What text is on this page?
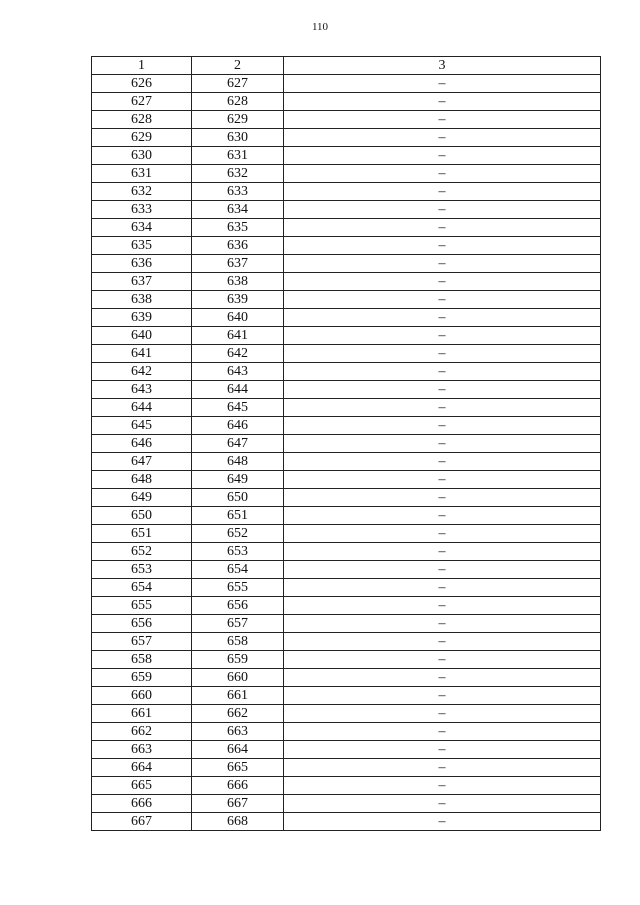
110
1	2	3
626	627	–
627	628	–
628	629	–
629	630	–
630	631	–
631	632	–
632	633	–
633	634	–
634	635	–
635	636	–
636	637	–
637	638	–
638	639	–
639	640	–
640	641	–
641	642	–
642	643	–
643	644	–
644	645	–
645	646	–
646	647	–
647	648	–
648	649	–
649	650	–
650	651	–
651	652	–
652	653	–
653	654	–
654	655	–
655	656	–
656	657	–
657	658	–
658	659	–
659	660	–
660	661	–
661	662	–
662	663	–
663	664	–
664	665	–
665	666	–
666	667	–
667	668	–
